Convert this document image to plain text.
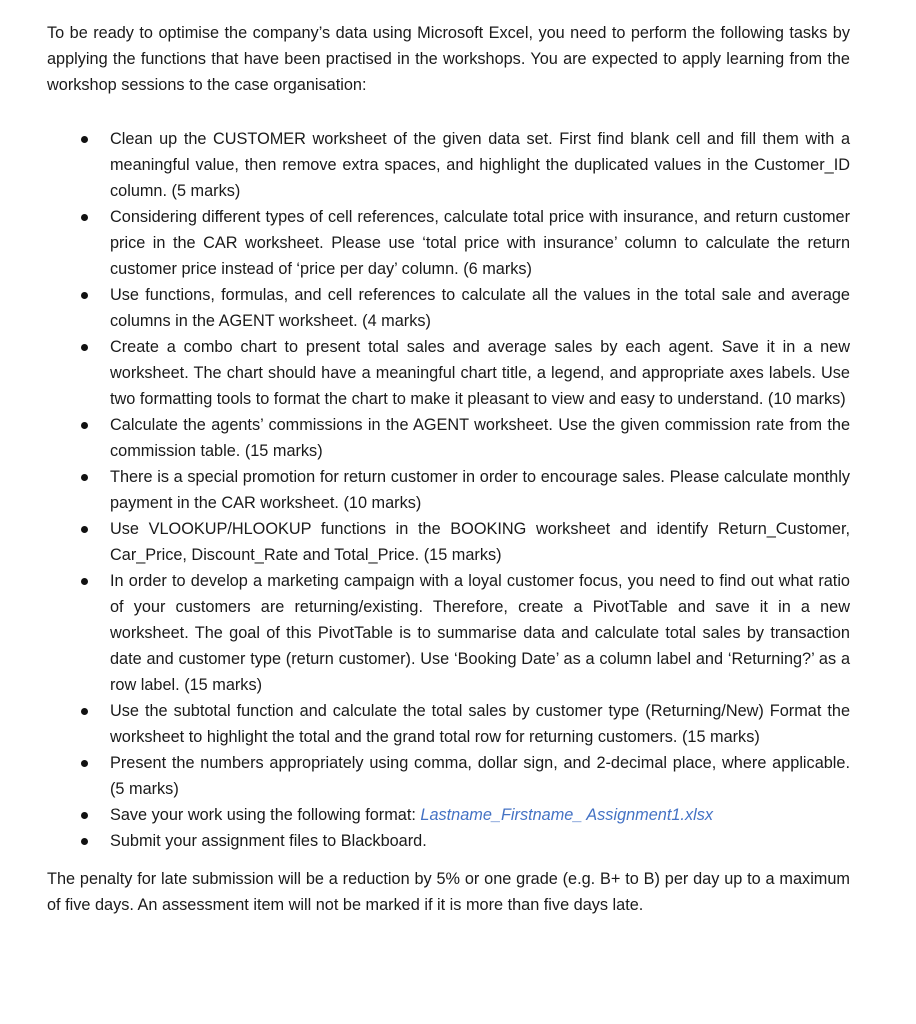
To be ready to optimise the company’s data using Microsoft Excel, you need to perform the following tasks by applying the functions that have been practised in the workshops. You are expected to apply learning from the workshop sessions to the case organisation:

Clean up the CUSTOMER worksheet of the given data set. First find blank cell and fill them with a meaningful value, then remove extra spaces, and highlight the duplicated values in the Customer_ID column. (5 marks)
Considering different types of cell references, calculate total price with insurance, and return customer price in the CAR worksheet. Please use ‘total price with insurance’ column to calculate the return customer price instead of ‘price per day’ column. (6 marks)
Use functions, formulas, and cell references to calculate all the values in the total sale and average columns in the AGENT worksheet. (4 marks)
Create a combo chart to present total sales and average sales by each agent. Save it in a new worksheet. The chart should have a meaningful chart title, a legend, and appropriate axes labels. Use two formatting tools to format the chart to make it pleasant to view and easy to understand. (10 marks)
Calculate the agents’ commissions in the AGENT worksheet. Use the given commission rate from the commission table. (15 marks)
There is a special promotion for return customer in order to encourage sales. Please calculate monthly payment in the CAR worksheet. (10 marks)
Use VLOOKUP/HLOOKUP functions in the BOOKING worksheet and identify Return_Customer, Car_Price, Discount_Rate and Total_Price. (15 marks)
In order to develop a marketing campaign with a loyal customer focus, you need to find out what ratio of your customers are returning/existing. Therefore, create a PivotTable and save it in a new worksheet. The goal of this PivotTable is to summarise data and calculate total sales by transaction date and customer type (return customer). Use ‘Booking Date’ as a column label and ‘Returning?’ as a row label. (15 marks)
Use the subtotal function and calculate the total sales by customer type (Returning/New) Format the worksheet to highlight the total and the grand total row for returning customers. (15 marks)
Present the numbers appropriately using comma, dollar sign, and 2-decimal place, where applicable. (5 marks)
Save your work using the following format: Lastname_Firstname_ Assignment1.xlsx
Submit your assignment files to Blackboard.

The penalty for late submission will be a reduction by 5% or one grade (e.g. B+ to B) per day up to a maximum of five days. An assessment item will not be marked if it is more than five days late.
